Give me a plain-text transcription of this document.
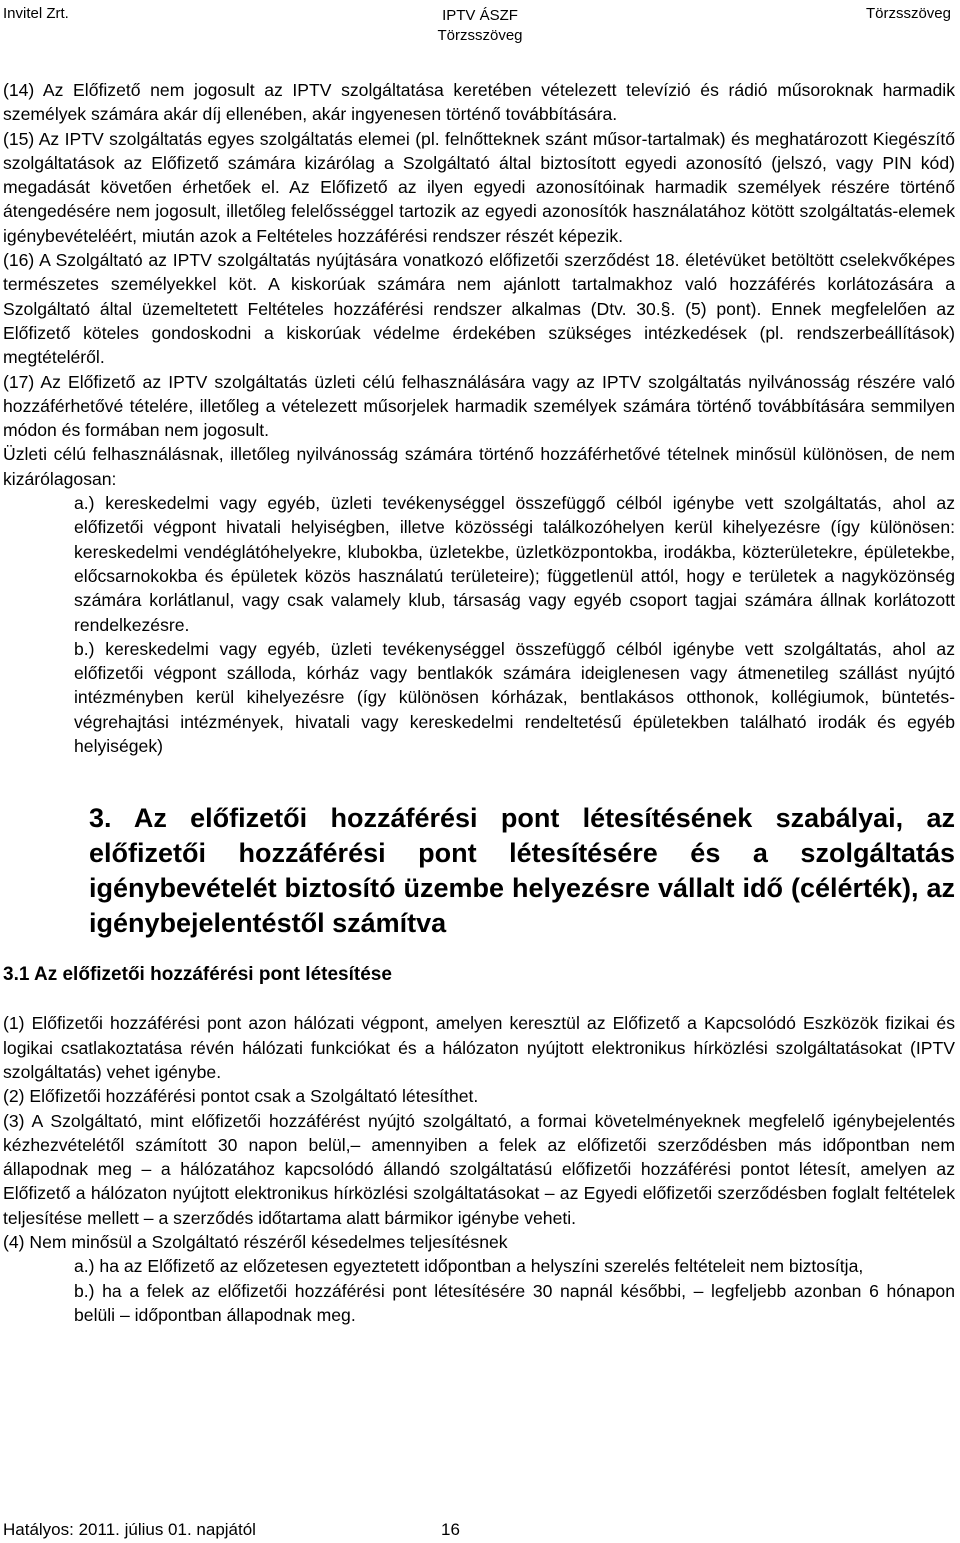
Invitel Zrt.	IPTV ÁSZF
Törzsszöveg
Törzsszöveg

(14) Az Előfizető nem jogosult az IPTV szolgáltatása keretében vételezett televízió és rádió műsoroknak harmadik személyek számára akár díj ellenében, akár ingyenesen történő továbbítására.

(15) Az IPTV szolgáltatás egyes szolgáltatás elemei (pl. felnőtteknek szánt műsor-tartalmak) és meghatározott Kiegészítő szolgáltatások az Előfizető számára kizárólag a Szolgáltató által biztosított egyedi azonosító (jelszó, vagy PIN kód) megadását követően érhetőek el. Az Előfizető az ilyen egyedi azonosítóinak harmadik személyek részére történő átengedésére nem jogosult, illetőleg felelősséggel tartozik az egyedi azonosítók használatához kötött szolgáltatás-elemek igénybevételéért, miután azok a Feltételes hozzáférési rendszer részét képezik.

(16) A Szolgáltató az IPTV szolgáltatás nyújtására vonatkozó előfizetői szerződést 18. életévüket betöltött cselekvőképes természetes személyekkel köt. A kiskorúak számára nem ajánlott tartalmakhoz való hozzáférés korlátozására a Szolgáltató által üzemeltetett Feltételes hozzáférési rendszer alkalmas (Dtv. 30.§. (5) pont). Ennek megfelelően az Előfizető köteles gondoskodni a kiskorúak védelme érdekében szükséges intézkedések (pl. rendszerbeállítások) megtételéről.

(17) Az Előfizető az IPTV szolgáltatás üzleti célú felhasználására vagy az IPTV szolgáltatás nyilvánosság részére való hozzáférhetővé tételére, illetőleg a vételezett műsorjelek harmadik személyek számára történő továbbítására semmilyen módon és formában nem jogosult.

Üzleti célú felhasználásnak, illetőleg nyilvánosság számára történő hozzáférhetővé tételnek minősül különösen, de nem kizárólagosan:

a.) kereskedelmi vagy egyéb, üzleti tevékenységgel összefüggő célból igénybe vett szolgáltatás, ahol az előfizetői végpont hivatali helyiségben, illetve közösségi találkozóhelyen kerül kihelyezésre (így különösen: kereskedelmi vendéglátóhelyekre, klubokba, üzletekbe, üzletközpontokba, irodákba, közterületekre, épületekbe, előcsarnokokba és épületek közös használatú területeire); függetlenül attól, hogy e területek a nagyközönség számára korlátlanul, vagy csak valamely klub, társaság vagy egyéb csoport tagjai számára állnak korlátozott rendelkezésre.

b.) kereskedelmi vagy egyéb, üzleti tevékenységgel összefüggő célból igénybe vett szolgáltatás, ahol az előfizetői végpont szálloda, kórház vagy bentlakók számára ideiglenesen vagy átmenetileg szállást nyújtó intézményben kerül kihelyezésre (így különösen kórházak, bentlakásos otthonok, kollégiumok, büntetés-végrehajtási intézmények, hivatali vagy kereskedelmi rendeltetésű épületekben található irodák és egyéb helyiségek)

3. Az előfizetői hozzáférési pont létesítésének szabályai, az előfizetői hozzáférési pont létesítésére és a szolgáltatás igénybevételét biztosító üzembe helyezésre vállalt idő (célérték), az igénybejelentéstől számítva
3.1 Az előfizetői hozzáférési pont létesítése

(1) Előfizetői hozzáférési pont azon hálózati végpont, amelyen keresztül az Előfizető a Kapcsolódó Eszközök fizikai és logikai csatlakoztatása révén hálózati funkciókat és a hálózaton nyújtott elektronikus hírközlési szolgáltatásokat (IPTV szolgáltatás) vehet igénybe.

(2) Előfizetői hozzáférési pontot csak a Szolgáltató létesíthet.

(3) A Szolgáltató, mint előfizetői hozzáférést nyújtó szolgáltató, a formai követelményeknek megfelelő igénybejelentés kézhezvételétől számított 30 napon belül,– amennyiben a felek az előfizetői szerződésben más időpontban nem állapodnak meg – a hálózatához kapcsolódó állandó szolgáltatású előfizetői hozzáférési pontot létesít, amelyen az Előfizető a hálózaton nyújtott elektronikus hírközlési szolgáltatásokat – az Egyedi előfizetői szerződésben foglalt feltételek teljesítése mellett – a szerződés időtartama alatt bármikor igénybe veheti.

(4) Nem minősül a Szolgáltató részéről késedelmes teljesítésnek

a.) ha az Előfizető az előzetesen egyeztetett időpontban a helyszíni szerelés feltételeit nem biztosítja,

b.) ha a felek az előfizetői hozzáférési pont létesítésére 30 napnál későbbi, – legfeljebb azonban 6 hónapon belüli – időpontban állapodnak meg.

Hatályos: 2011. július 01. napjától	16
